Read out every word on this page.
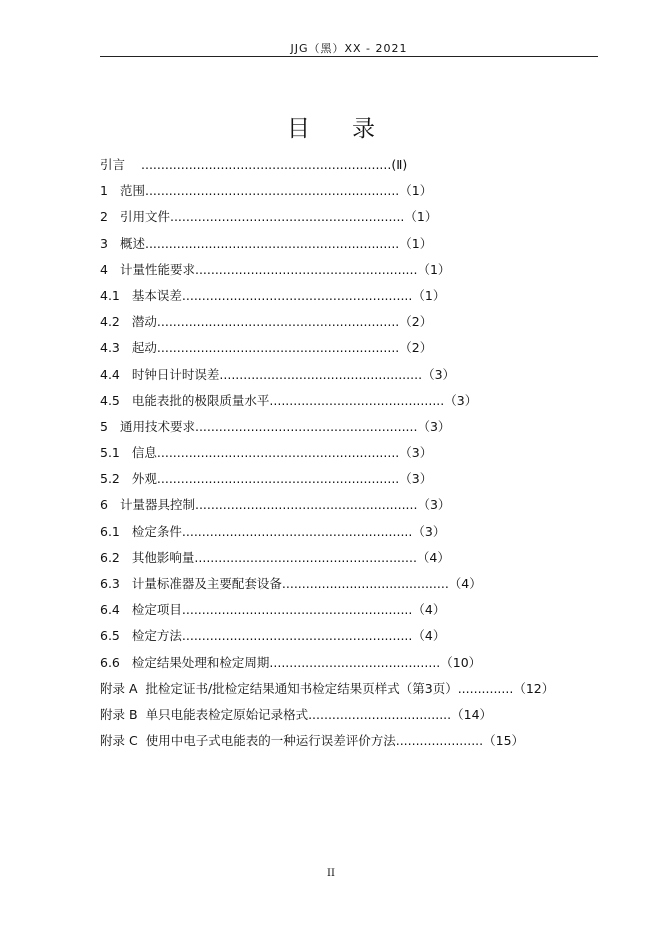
JJG（黑）XX - 2021
目录
引言 ...............................................................(Ⅱ)
1 范围................................................................（1）
2 引用文件...........................................................（1）
3 概述................................................................（1）
4 计量性能要求........................................................（1）
4.1 基本误差..........................................................（1）
4.2 潜动.............................................................（2）
4.3 起动.............................................................（2）
4.4 时钟日计时误差...................................................（3）
4.5 电能表批的极限质量水平............................................（3）
5 通用技术要求........................................................（3）
5.1 信息.............................................................（3）
5.2 外观.............................................................（3）
6 计量器具控制........................................................（3）
6.1 检定条件..........................................................（3）
6.2 其他影响量........................................................（4）
6.3 计量标准器及主要配套设备..........................................（4）
6.4 检定项目..........................................................（4）
6.5 检定方法..........................................................（4）
6.6 检定结果处理和检定周期...........................................（10）
附录 A 批检定证书/批检定结果通知书检定结果页样式（第3页）..............（12）
附录 B 单只电能表检定原始记录格式....................................（14）
附录 C 使用中电子式电能表的一种运行误差评价方法......................（15）
II
